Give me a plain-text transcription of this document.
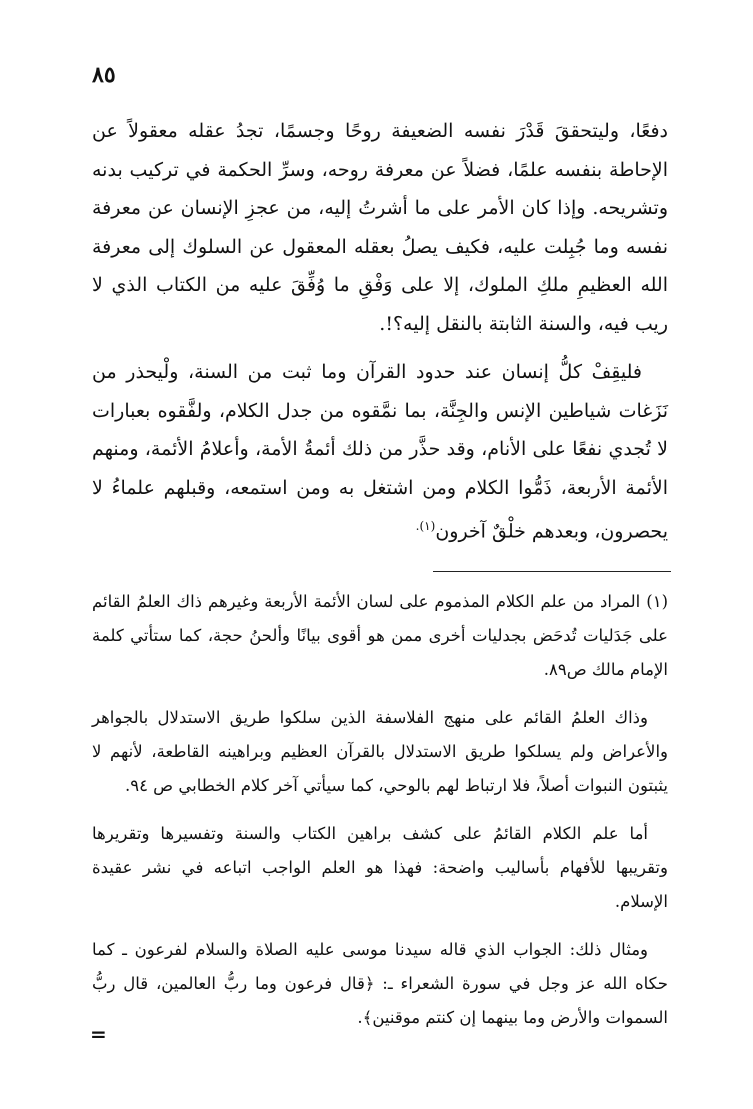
٨٥

دفعًا، وليتحققَ قَدْرَ نفسه الضعيفة روحًا وجسمًا، تجدُ عقله معقولاً عن الإحاطة بنفسه علمًا، فضلاً عن معرفة روحه، وسرِّ الحكمة في تركيب بدنه وتشريحه. وإذا كان الأمر على ما أشرتُ إليه، من عجزِ الإنسان عن معرفة نفسه وما جُبِلت عليه، فكيف يصلُ بعقله المعقول عن السلوك إلى معرفة الله العظيمِ ملكِ الملوك، إلا على وَفْقِ ما وُفِّقَ عليه من الكتاب الذي لا ريب فيه، والسنة الثابتة بالنقل إليه؟!.

فليقِفْ كلُّ إنسان عند حدود القرآن وما ثبت من السنة، ولْيحذر من نَزَغات شياطين الإنس والجِنَّة، بما نمَّقوه من جدل الكلام، ولفَّقوه بعبارات لا تُجدي نفعًا على الأنام، وقد حذَّر من ذلك أئمةُ الأمة، وأعلامُ الأئمة، ومنهم الأئمة الأربعة، ذَمُّوا الكلام ومن اشتغل به ومن استمعه، وقبلهم علماءُ لا يحصرون، وبعدهم خلْقٌ آخرون$^{(١).}$

(١)المراد من علم الكلام المذموم على لسان الأئمة الأربعة وغيرهم ذاك العلمُ القائم على جَدَليات تُدحَض بجدليات أخرى ممن هو أقوى بيانًا وألحنُ حجة، كما ستأتي كلمة الإمام مالك ص٨٩.

وذاك العلمُ القائم على منهج الفلاسفة الذين سلكوا طريق الاستدلال بالجواهر والأعراض ولم يسلكوا طريق الاستدلال بالقرآن العظيم وبراهينه القاطعة، لأنهم لا يثبتون النبوات أصلاً، فلا ارتباط لهم بالوحي، كما سيأتي آخر كلام الخطابي ص ٩٤.

أما علم الكلام القائمُ على كشف براهين الكتاب والسنة وتفسيرها وتقريرها وتقريبها للأفهام بأساليب واضحة: فهذا هو العلم الواجب اتباعه في نشر عقيدة الإسلام.

ومثال ذلك: الجواب الذي قاله سيدنا موسى عليه الصلاة والسلام لفرعون ـ كما حكاه الله عز وجل في سورة الشعراء ـ: ﴿قال فرعون وما ربُّ العالمين، قال ربُّ السموات والأرض وما بينهما إن كنتم موقنين﴾.

=
